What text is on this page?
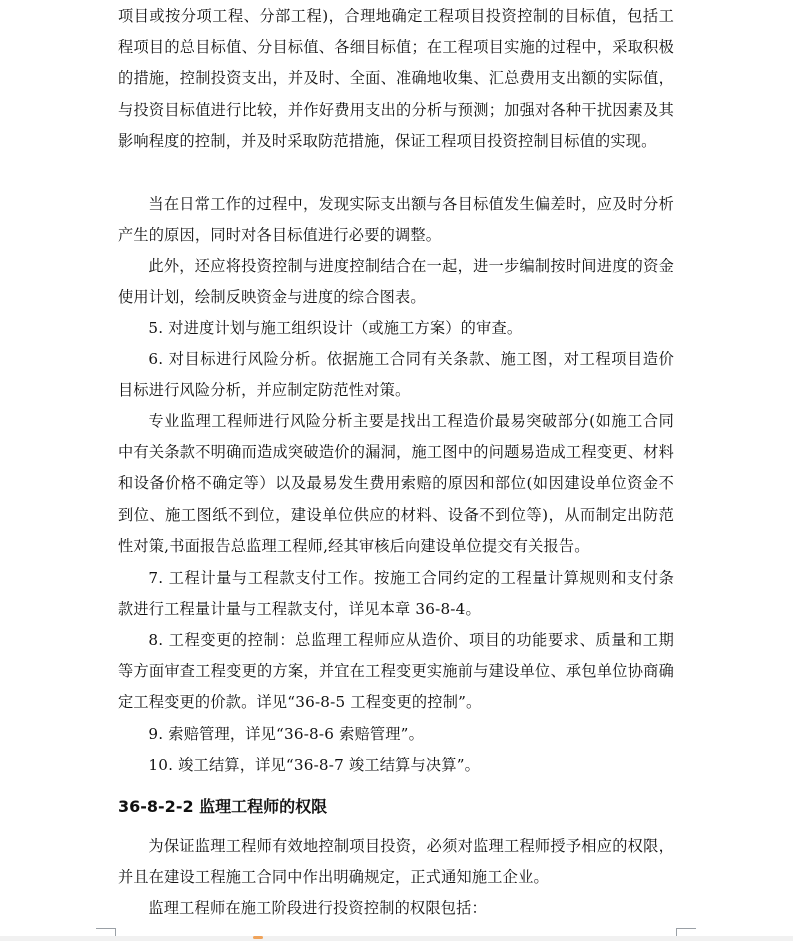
项目或按分项工程、分部工程)，合理地确定工程项目投资控制的目标值，包括工程项目的总目标值、分目标值、各细目标值；在工程项目实施的过程中，采取积极的措施，控制投资支出，并及时、全面、准确地收集、汇总费用支出额的实际值，与投资目标值进行比较，并作好费用支出的分析与预测；加强对各种干扰因素及其影响程度的控制，并及时采取防范措施，保证工程项目投资控制目标值的实现。

当在日常工作的过程中，发现实际支出额与各目标值发生偏差时，应及时分析产生的原因，同时对各目标值进行必要的调整。

此外，还应将投资控制与进度控制结合在一起，进一步编制按时间进度的资金使用计划，绘制反映资金与进度的综合图表。

5. 对进度计划与施工组织设计（或施工方案）的审查。

6. 对目标进行风险分析。依据施工合同有关条款、施工图，对工程项目造价目标进行风险分析，并应制定防范性对策。

专业监理工程师进行风险分析主要是找出工程造价最易突破部分(如施工合同中有关条款不明确而造成突破造价的漏洞，施工图中的问题易造成工程变更、材料和设备价格不确定等）以及最易发生费用索赔的原因和部位(如因建设单位资金不到位、施工图纸不到位，建设单位供应的材料、设备不到位等)，从而制定出防范性对策,书面报告总监理工程师,经其审核后向建设单位提交有关报告。

7. 工程计量与工程款支付工作。按施工合同约定的工程量计算规则和支付条款进行工程量计量与工程款支付，详见本章 36-8-4。

8. 工程变更的控制：总监理工程师应从造价、项目的功能要求、质量和工期等方面审查工程变更的方案，并宜在工程变更实施前与建设单位、承包单位协商确定工程变更的价款。详见“36-8-5 工程变更的控制”。

9. 索赔管理，详见“36-8-6 索赔管理”。

10. 竣工结算，详见“36-8-7 竣工结算与决算”。

36-8-2-2 监理工程师的权限

为保证监理工程师有效地控制项目投资，必须对监理工程师授予相应的权限，并且在建设工程施工合同中作出明确规定，正式通知施工企业。

监理工程师在施工阶段进行投资控制的权限包括：
